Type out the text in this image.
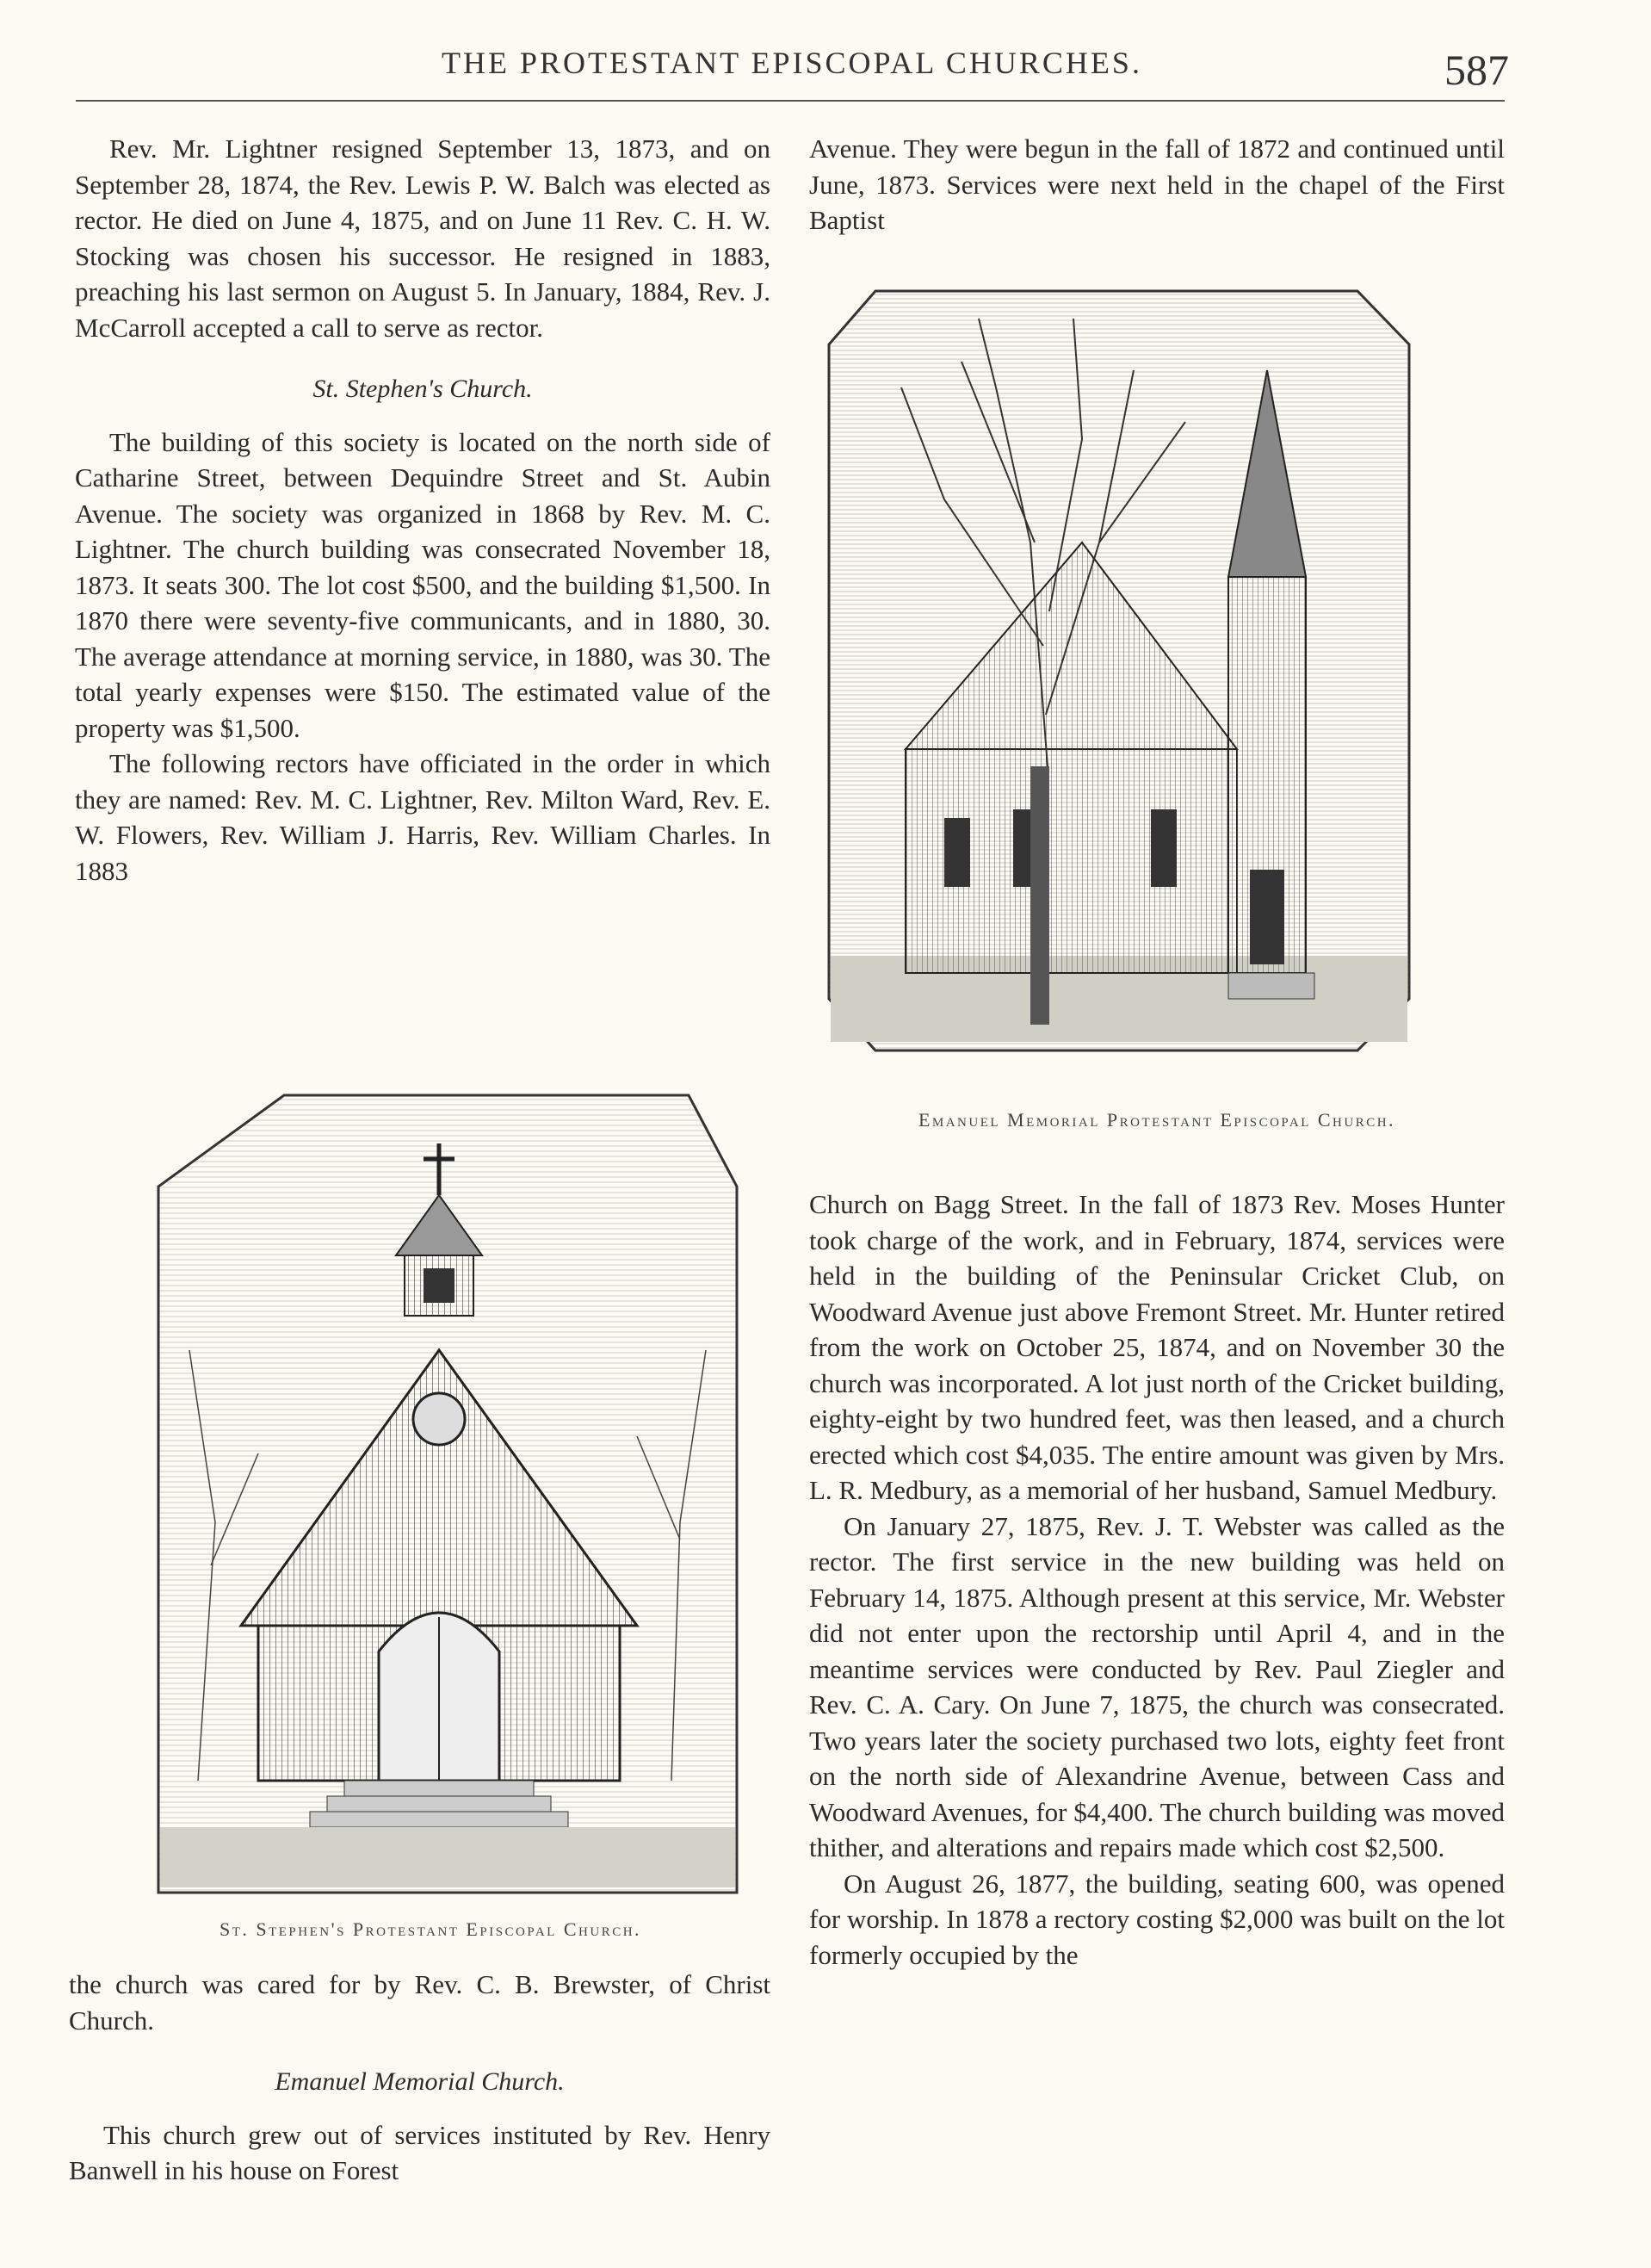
THE PROTESTANT EPISCOPAL CHURCHES.	587

Rev. Mr. Lightner resigned September 13, 1873, and on September 28, 1874, the Rev. Lewis P. W. Balch was elected as rector. He died on June 4, 1875, and on June 11 Rev. C. H. W. Stocking was chosen his successor. He resigned in 1883, preaching his last sermon on August 5. In January, 1884, Rev. J. McCarroll accepted a call to serve as rector.

St. Stephen's Church.

The building of this society is located on the north side of Catharine Street, between Dequindre Street and St. Aubin Avenue. The society was organized in 1868 by Rev. M. C. Lightner. The church building was consecrated November 18, 1873. It seats 300. The lot cost $500, and the building $1,500. In 1870 there were seventy-five communicants, and in 1880, 30. The average attendance at morning service, in 1880, was 30. The total yearly expenses were $150. The estimated value of the property was $1,500.

The following rectors have officiated in the order in which they are named: Rev. M. C. Lightner, Rev. Milton Ward, Rev. E. W. Flowers, Rev. William J. Harris, Rev. William Charles. In 1883

Avenue. They were begun in the fall of 1872 and continued until June, 1873. Services were next held in the chapel of the First Baptist

Emanuel Memorial Protestant Episcopal Church.

Church on Bagg Street. In the fall of 1873 Rev. Moses Hunter took charge of the work, and in February, 1874, services were held in the building of the Peninsular Cricket Club, on Woodward Avenue just above Fremont Street. Mr. Hunter retired from the work on October 25, 1874, and on November 30 the church was incorporated. A lot just north of the Cricket building, eighty-eight by two hundred feet, was then leased, and a church erected which cost $4,035. The entire amount was given by Mrs. L. R. Medbury, as a memorial of her husband, Samuel Medbury.

On January 27, 1875, Rev. J. T. Webster was called as the rector. The first service in the new building was held on February 14, 1875. Although present at this service, Mr. Webster did not enter upon the rectorship until April 4, and in the meantime services were conducted by Rev. Paul Ziegler and Rev. C. A. Cary. On June 7, 1875, the church was consecrated. Two years later the society purchased two lots, eighty feet front on the north side of Alexandrine Avenue, between Cass and Woodward Avenues, for $4,400. The church building was moved thither, and alterations and repairs made which cost $2,500.

On August 26, 1877, the building, seating 600, was opened for worship. In 1878 a rectory costing $2,000 was built on the lot formerly occupied by the

St. Stephen's Protestant Episcopal Church.

the church was cared for by Rev. C. B. Brewster, of Christ Church.

Emanuel Memorial Church.

This church grew out of services instituted by Rev. Henry Banwell in his house on Forest
